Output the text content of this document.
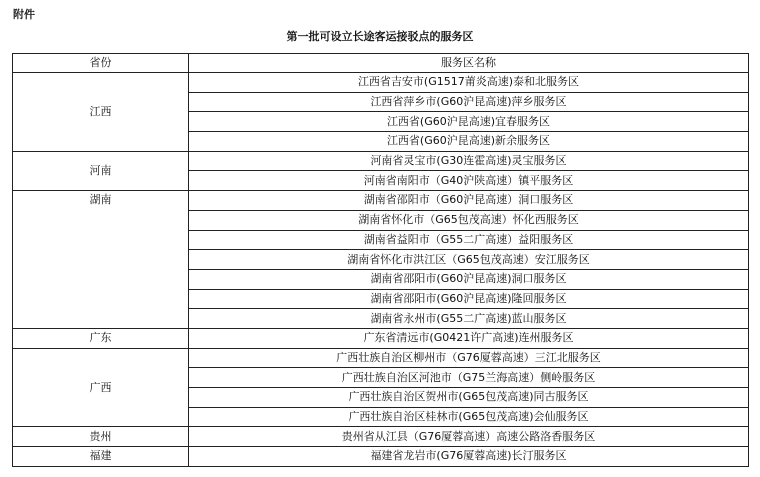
附件
第一批可设立长途客运接驳点的服务区
省份	服务区名称
江西	江西省吉安市(G1517莆炎高速)泰和北服务区
	江西省萍乡市(G60沪昆高速)萍乡服务区
	江西省(G60沪昆高速)宜春服务区
	江西省(G60沪昆高速)新余服务区
河南	河南省灵宝市(G30连霍高速)灵宝服务区
	河南省南阳市（G40沪陕高速）镇平服务区
湖南	湖南省邵阳市（G60沪昆高速）洞口服务区
	湖南省怀化市（G65包茂高速）怀化西服务区
	湖南省益阳市（G55二广高速）益阳服务区
	湖南省怀化市洪江区（G65包茂高速）安江服务区
	湖南省邵阳市(G60沪昆高速)洞口服务区
	湖南省邵阳市(G60沪昆高速)隆回服务区
	湖南省永州市(G55二广高速)蓝山服务区
广东	广东省清远市(G0421许广高速)连州服务区
广西	广西壮族自治区柳州市（G76厦蓉高速）三江北服务区
	广西壮族自治区河池市（G75兰海高速）侧岭服务区
	广西壮族自治区贺州市(G65包茂高速)同古服务区
	广西壮族自治区桂林市(G65包茂高速)会仙服务区
贵州	贵州省从江县（G76厦蓉高速）高速公路洛香服务区
福建	福建省龙岩市(G76厦蓉高速)长汀服务区
